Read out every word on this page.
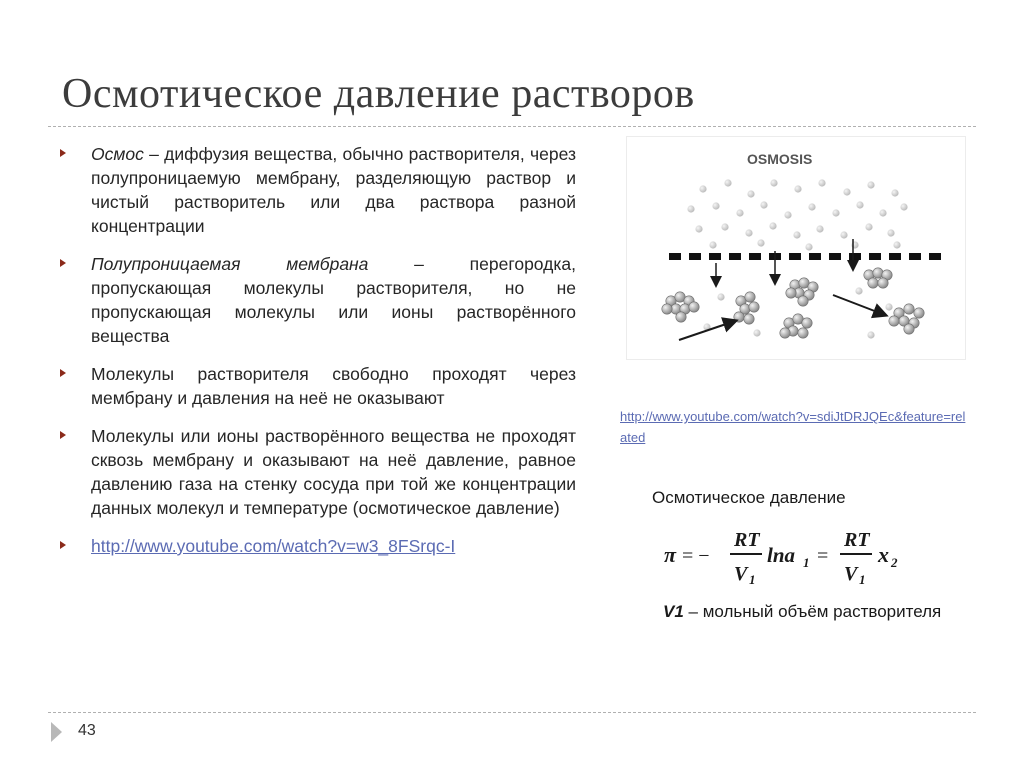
Осмотическое давление растворов
Осмос – диффузия вещества, обычно растворителя, через полупроницаемую мембрану, разделяющую раствор и чистый растворитель или два раствора разной концентрации
Полупроницаемая мембрана – перегородка, пропускающая молекулы растворителя, но не пропускающая молекулы или ионы растворённого вещества
Молекулы растворителя свободно проходят через мембрану и давления на неё не оказывают
Молекулы или ионы растворённого вещества не проходят сквозь мембрану и оказывают на неё давление, равное давлению газа на стенку сосуда при той же концентрации данных молекул и температуре (осмотическое давление)
http://www.youtube.com/watch?v=w3_8FSrqc-I
OSMOSIS
http://www.youtube.com/watch?v=sdiJtDRJQEc&feature=related
Осмотическое давление
π = −
RT
V 1
lna 1 =
RT
V 1
x 2
V1 – мольный объём растворителя
43
